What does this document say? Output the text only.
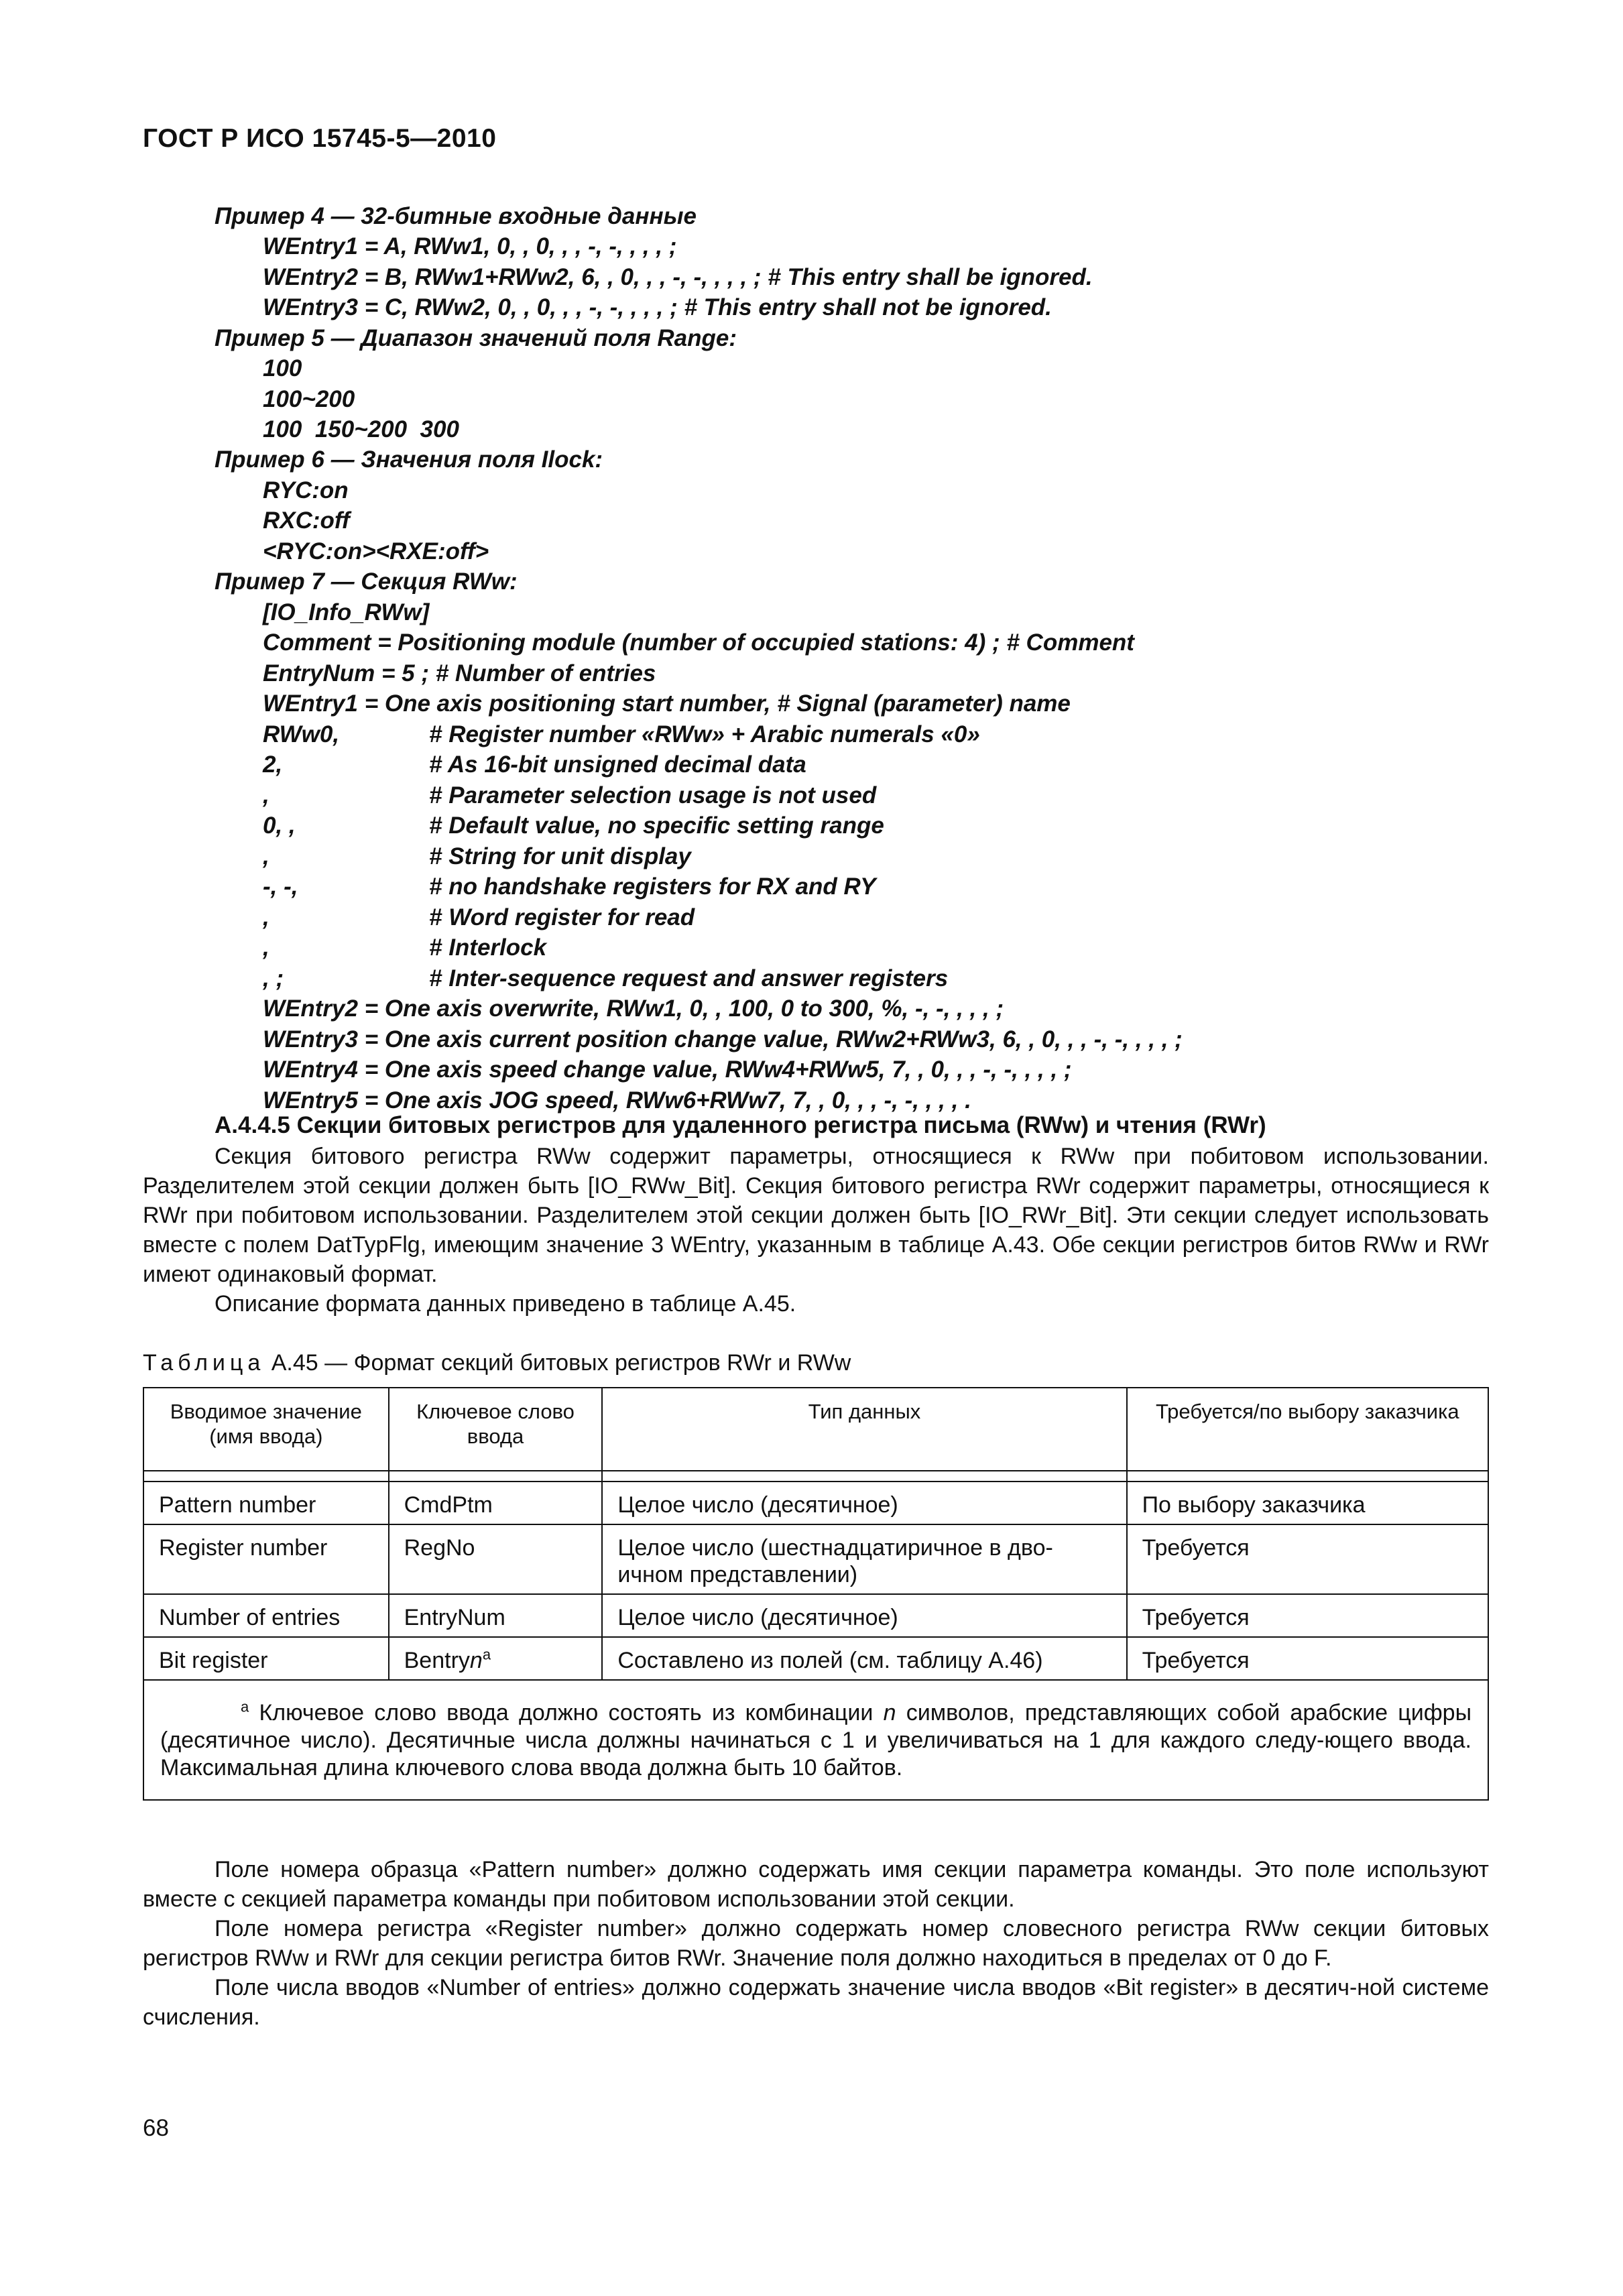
ГОСТ Р ИСО 15745-5—2010
Пример 4 — 32-битные входные данные
WEntry1 = A, RWw1, 0, , 0, , , -, -, , , , ;
WEntry2 = B, RWw1+RWw2, 6, , 0, , , -, -, , , , ; # This entry shall be ignored.
WEntry3 = C, RWw2, 0, , 0, , , -, -, , , , ; # This entry shall not be ignored.
Пример 5 — Диапазон значений поля Range:
100
100~200
100  150~200  300
Пример 6 — Значения поля Ilock:
RYC:on
RXC:off
<RYC:on><RXE:off>
Пример 7 — Секция RWw:
[IO_Info_RWw]
Comment = Positioning module (number of occupied stations: 4) ; # Comment
EntryNum = 5 ; # Number of entries
WEntry1 = One axis positioning start number, # Signal (parameter) name
RWw0,	# Register number «RWw» + Arabic numerals «0»
2,	# As 16-bit unsigned decimal data
,	# Parameter selection usage is not used
0, ,	# Default value, no specific setting range
,	# String for unit display
-, -,	# no handshake registers for RX and RY
,	# Word register for read
,	# Interlock
, ;	# Inter-sequence request and answer registers
WEntry2 = One axis overwrite, RWw1, 0, , 100, 0 to 300, %, -, -, , , , ;
WEntry3 = One axis current position change value, RWw2+RWw3, 6, , 0, , , -, -, , , , ;
WEntry4 = One axis speed change value, RWw4+RWw5, 7, , 0, , , -, -, , , , ;
WEntry5 = One axis JOG speed, RWw6+RWw7, 7, , 0, , , -, -, , , , .
A.4.4.5 Секции битовых регистров для удаленного регистра письма (RWw) и чтения (RWr)

Секция битового регистра RWw содержит параметры, относящиеся к RWw при побитовом использовании. Разделителем этой секции должен быть [IO_RWw_Bit]. Секция битового регистра RWr содержит параметры, относящиеся к RWr при побитовом использовании. Разделителем этой секции должен быть [IO_RWr_Bit]. Эти секции следует использовать вместе с полем DatTypFlg, имеющим значение 3 WEntry, указанным в таблице A.43. Обе секции регистров битов RWw и RWr имеют одинаковый формат.

Описание формата данных приведено в таблице A.45.

Таблица A.45 — Формат секций битовых регистров RWr и RWw
Вводимое значение (имя ввода)	Ключевое слово ввода	Тип данных	Требуется/по выбору заказчика

Pattern number	CmdPtm	Целое число (десятичное)	По выбору заказчика
Register number	RegNo	Целое число (шестнадцатиричное в дво-ичном представлении)	Требуется
Number of entries	EntryNum	Целое число (десятичное)	Требуется
Bit register	Bentryn$^a$	Составлено из полей (см. таблицу A.46)	Требуется

$^a$ Ключевое слово ввода должно состоять из комбинации n символов, представляющих собой арабские цифры (десятичное число). Десятичные числа должны начинаться с 1 и увеличиваться на 1 для каждого следу-ющего ввода. Максимальная длина ключевого слова ввода должна быть 10 байтов.			

Поле номера образца «Pattern number» должно содержать имя секции параметра команды. Это поле используют вместе с секцией параметра команды при побитовом использовании этой секции.

Поле номера регистра «Register number» должно содержать номер словесного регистра RWw секции битовых регистров RWw и RWr для секции регистра битов RWr. Значение поля должно находиться в пределах от 0 до F.

Поле числа вводов «Number of entries» должно содержать значение числа вводов «Bit register» в десятич-ной системе счисления.

68
